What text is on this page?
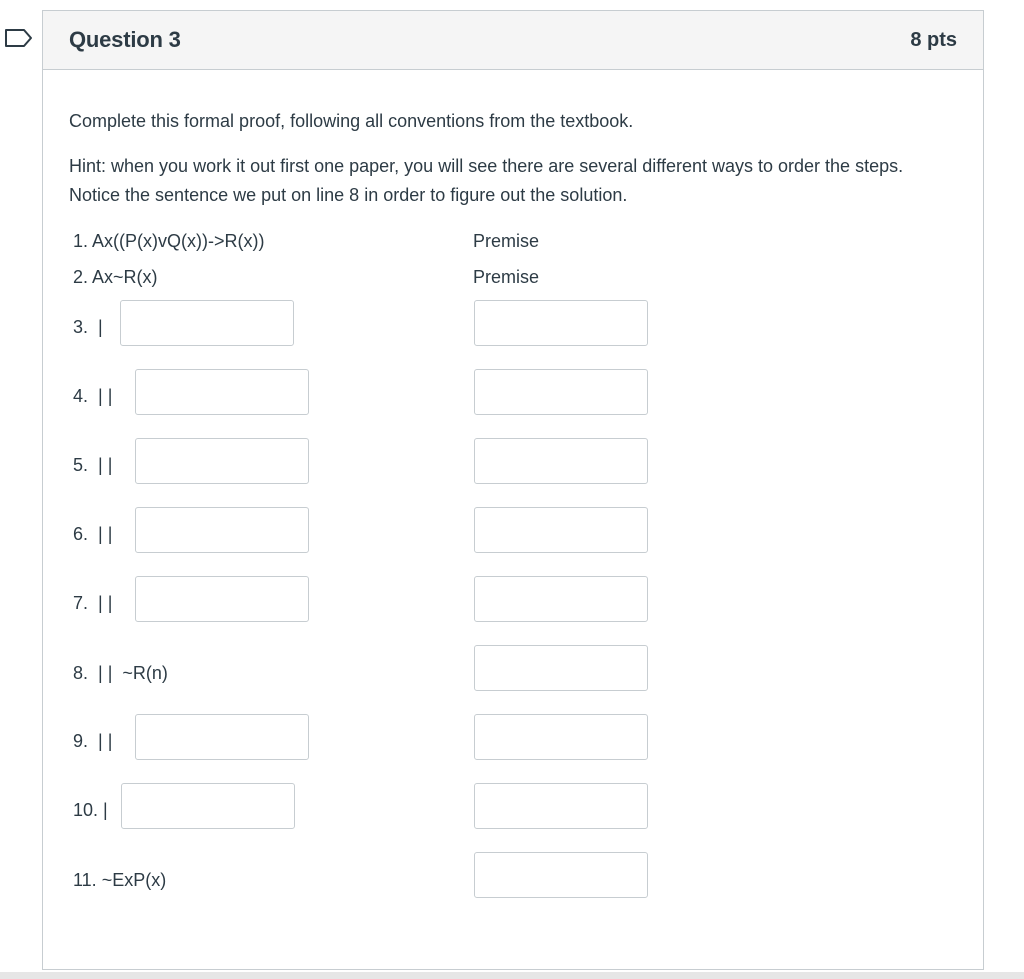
Question 3	8 pts
Complete this formal proof, following all conventions from the textbook.
Hint: when you work it out first one paper, you will see there are several different ways to order the steps. Notice the sentence we put on line 8 in order to figure out the solution.
1. Ax((P(x)vQ(x))->R(x))	Premise
2. Ax~R(x)	Premise
3.  |
4.  | |
5.  | |
6.  | |
7.  | |
8.  | |  ~R(n)
9.  | |
10. |
11. ~ExP(x)
